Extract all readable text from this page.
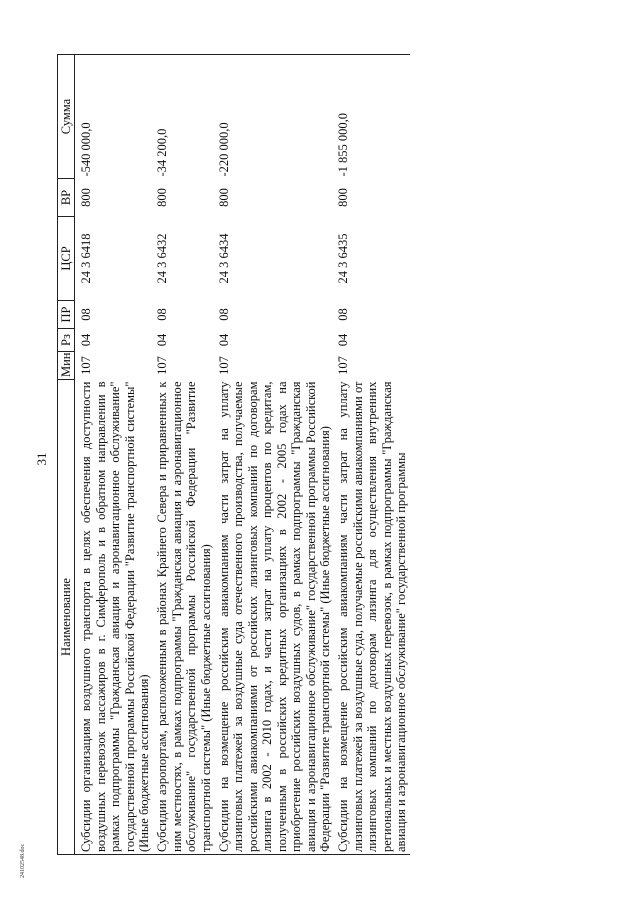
31
Наименование	Мин	Рз	ПР	ЦСР	ВР	Сумма
Субсидии организациям воздушного транспорта в целях обеспечения доступности воздушных перевозок пассажиров в г. Симферополь и в обратном направлении в рамках подпрограммы "Гражданская авиация и аэронавигационное обслуживание" государственной программы Российской Федерации "Развитие транспортной системы" (Иные бюджетные ассигнования)	107	04	08	24 3 6418	800	-540 000,0
Субсидии аэропортам, расположенным в районах Крайнего Севера и приравненных к ним местностях, в рамках подпрограммы "Гражданская авиация и аэронавигационное обслуживание" государственной программы Российской Федерации "Развитие транспортной системы" (Иные бюджетные ассигнования)	107	04	08	24 3 6432	800	-34 200,0
Субсидии на возмещение российским авиакомпаниям части затрат на уплату лизинговых платежей за воздушные суда отечественного производства, получаемые российскими авиакомпаниями от российских лизинговых компаний по договорам лизинга в 2002 - 2010 годах, и части затрат на уплату процентов по кредитам, полученным в российских кредитных организациях в 2002 - 2005 годах на приобретение российских воздушных судов, в рамках подпрограммы "Гражданская авиация и аэронавигационное обслуживание" государственной программы Российской Федерации "Развитие транспортной системы" (Иные бюджетные ассигнования)	107	04	08	24 3 6434	800	-220 000,0
Субсидии на возмещение российским авиакомпаниям части затрат на уплату лизинговых платежей за воздушные суда, получаемые российскими авиакомпаниями от лизинговых компаний по договорам лизинга для осуществления внутренних региональных и местных воздушных перевозок, в рамках подпрограммы "Гражданская авиация и аэронавигационное обслуживание" государственной программы	107	04	08	24 3 6435	800	-1 855 000,0
24102548.doc
